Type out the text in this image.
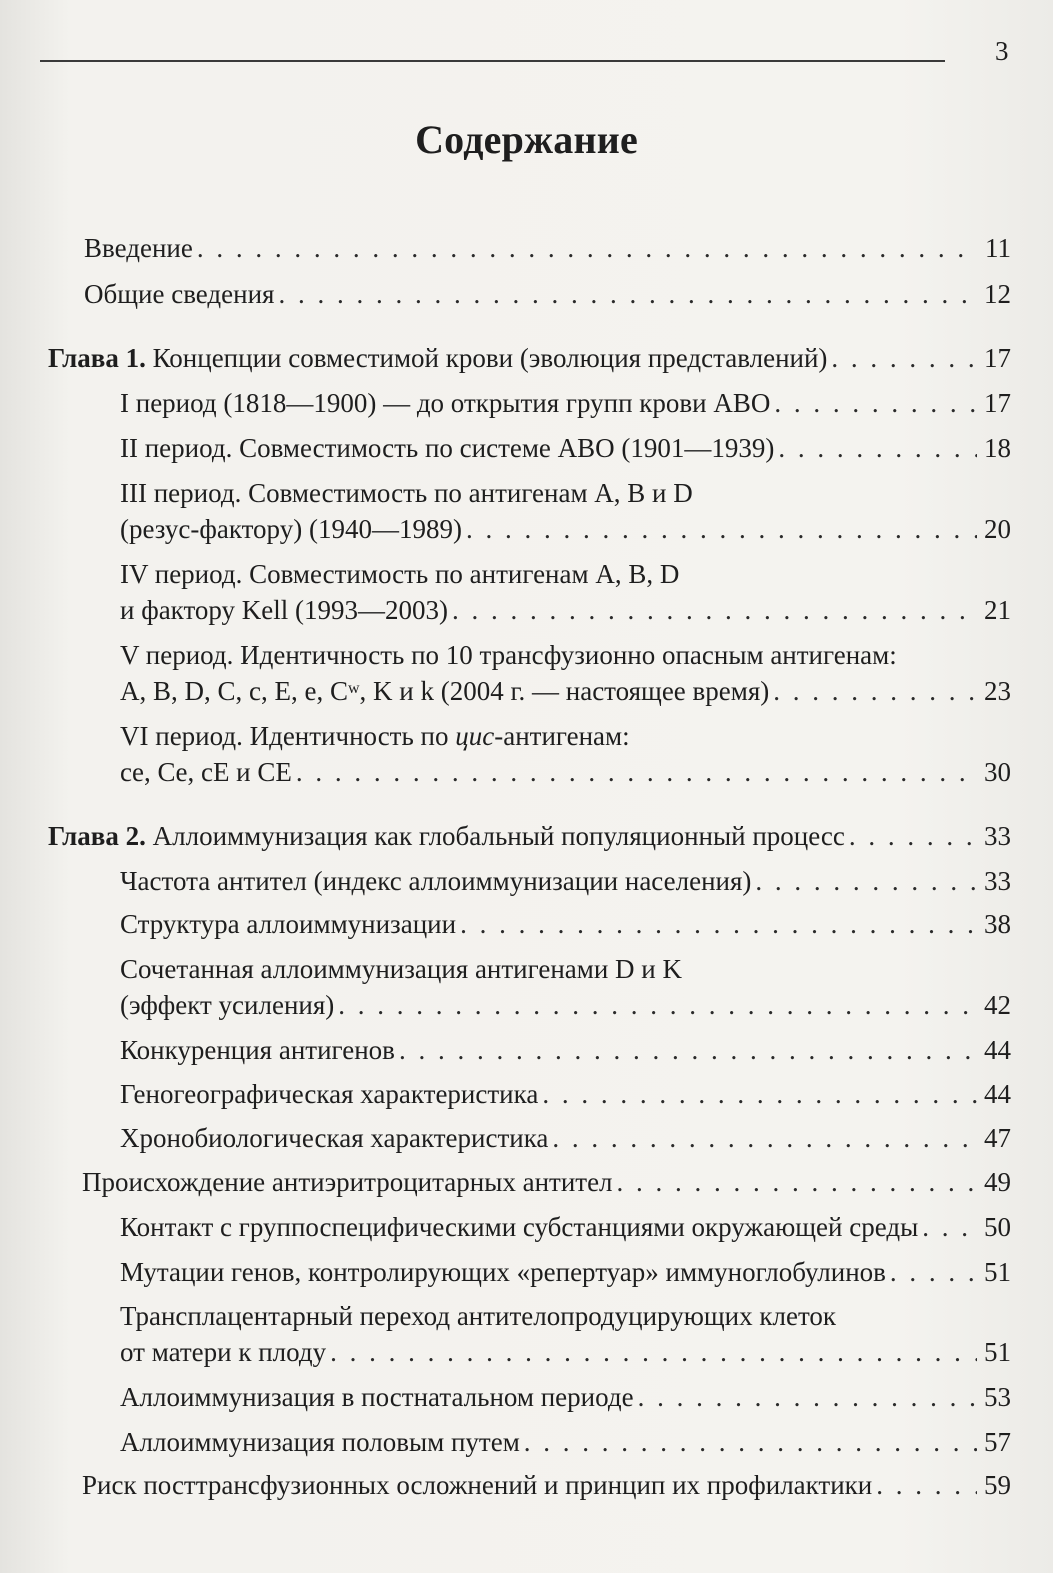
3
Содержание
Введение . . .	11
Общие сведения . . .	12
Глава 1. Концепции совместимой крови (эволюция представлений) . . .	17
I период (1818—1900) — до открытия групп крови АВО . . .	17
II период. Совместимость по системе АВО (1901—1939) . . .	18
III период. Совместимость по антигенам A, B и D
(резус-фактору) (1940—1989) . . .	20
IV период. Совместимость по антигенам A, B, D
и фактору Kell (1993—2003) . . .	21
V период. Идентичность по 10 трансфузионно опасным антигенам:
A, B, D, C, c, E, e, $C^w$, K и k (2004 г. — настоящее время) . . .	23
VI период. Идентичность по цис-антигенам:
ce, Ce, cE и CE . . .	30
Глава 2. Аллоиммунизация как глобальный популяционный процесс . . .	33
Частота антител (индекс аллоиммунизации населения) . . .	33
Структура аллоиммунизации . . .	38
Сочетанная аллоиммунизация антигенами D и K
(эффект усиления) . . .	42
Конкуренция антигенов . . .	44
Геногеографическая характеристика . . .	44
Хронобиологическая характеристика . . .	47
Происхождение антиэритроцитарных антител . . .	49
Контакт с группоспецифическими субстанциями окружающей среды . . . 50
Мутации генов, контролирующих «репертуар» иммуноглобулинов . . .	51
Трансплацентарный переход антителопродуцирующих клеток
от матери к плоду . . .	51
Аллоиммунизация в постнатальном периоде . . .	53
Аллоиммунизация половым путем . . .	57
Риск посттрансфузионных осложнений и принцип их профилактики . . .	59
